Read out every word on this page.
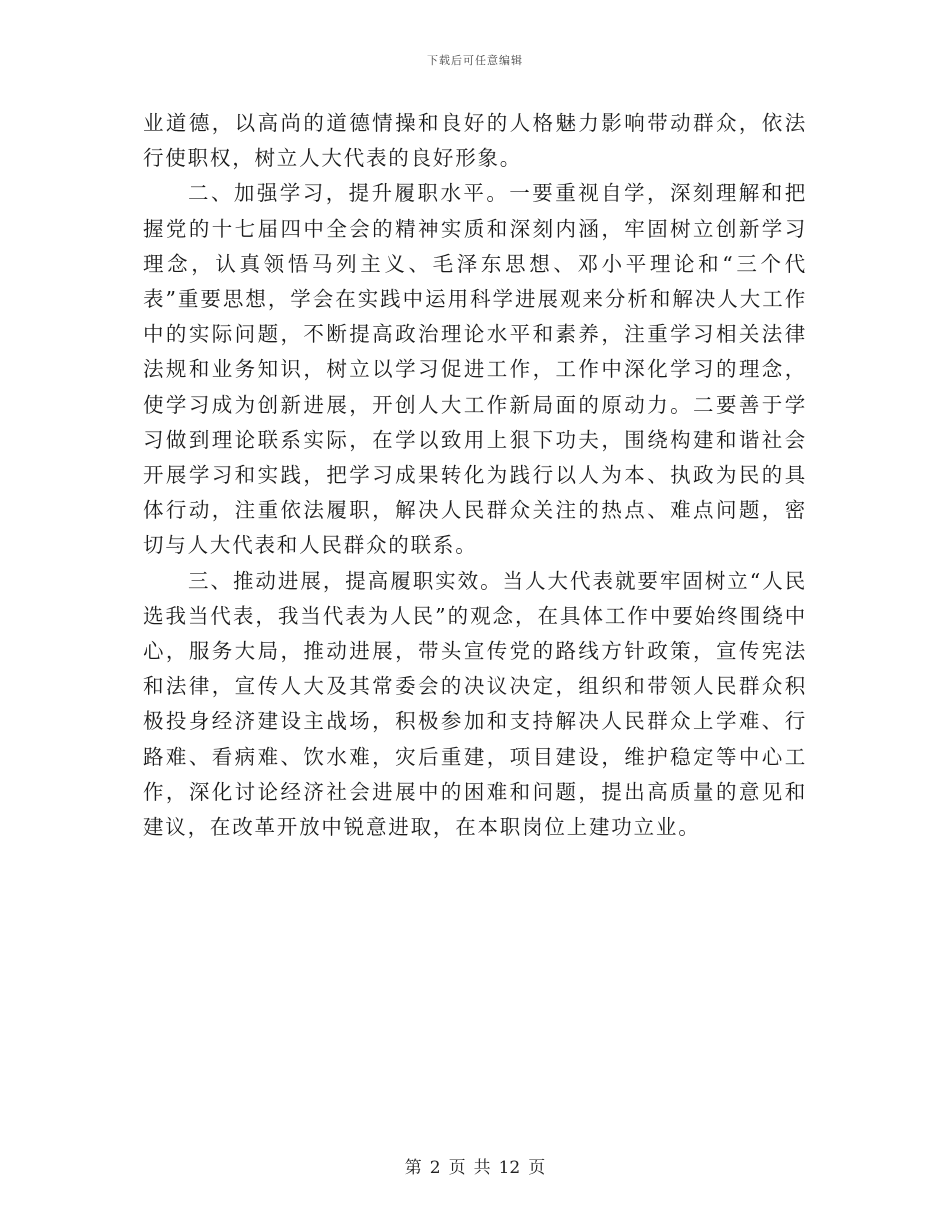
下载后可任意编辑

业道德，以高尚的道德情操和良好的人格魅力影响带动群众，依法行使职权，树立人大代表的良好形象。

二、加强学习，提升履职水平。一要重视自学，深刻理解和把握党的十七届四中全会的精神实质和深刻内涵，牢固树立创新学习理念，认真领悟马列主义、毛泽东思想、邓小平理论和“三个代表”重要思想，学会在实践中运用科学进展观来分析和解决人大工作中的实际问题，不断提高政治理论水平和素养，注重学习相关法律法规和业务知识，树立以学习促进工作，工作中深化学习的理念，使学习成为创新进展，开创人大工作新局面的原动力。二要善于学习做到理论联系实际，在学以致用上狠下功夫，围绕构建和谐社会开展学习和实践，把学习成果转化为践行以人为本、执政为民的具体行动，注重依法履职，解决人民群众关注的热点、难点问题，密切与人大代表和人民群众的联系。

三、推动进展，提高履职实效。当人大代表就要牢固树立“人民选我当代表，我当代表为人民”的观念，在具体工作中要始终围绕中心，服务大局，推动进展，带头宣传党的路线方针政策，宣传宪法和法律，宣传人大及其常委会的决议决定，组织和带领人民群众积极投身经济建设主战场，积极参加和支持解决人民群众上学难、行路难、看病难、饮水难，灾后重建，项目建设，维护稳定等中心工作，深化讨论经济社会进展中的困难和问题，提出高质量的意见和建议，在改革开放中锐意进取，在本职岗位上建功立业。

第 2 页 共 12 页
